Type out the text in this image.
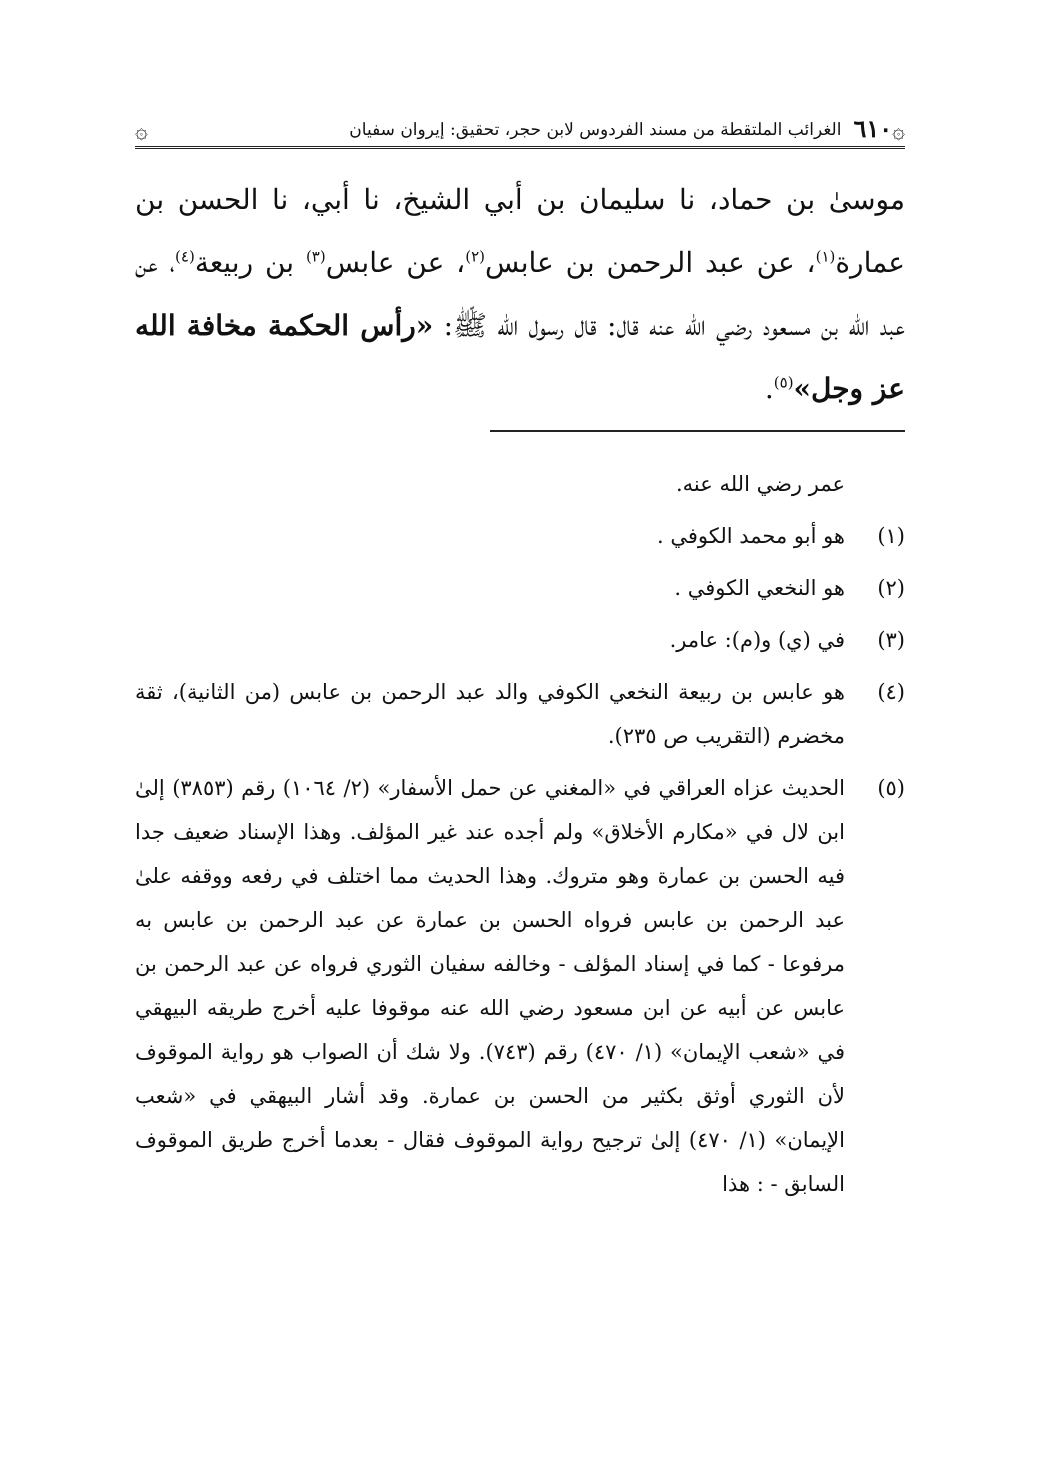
۞
٦١٠
الغرائب الملتقطة من مسند الفردوس لابن حجر، تحقيق: إيروان سفيان
۞
موسىٰ بن حماد، نا سليمان بن أبي الشيخ، نا أبي، نا الحسن بن عمارة$^{(١)}$، عن عبد الرحمن بن عابس$^{(٢)}$، عن عابس$^{(٣)}$ بن ربيعة$^{(٤)}$، عن عبد الله بن مسعود رضي الله عنه قال: قال رسول الله ﷺ: «رأس الحكمة مخافة الله عز وجل»$^{(٥)}$.
عمر رضي الله عنه.
(١)
هو أبو محمد الكوفي .
(٢)
هو النخعي الكوفي .
(٣)
في (ي) و(م): عامر.
(٤)
هو عابس بن ربيعة النخعي الكوفي والد عبد الرحمن بن عابس (من الثانية)، ثقة مخضرم (التقريب ص ٢٣٥).
(٥)
الحديث عزاه العراقي في «المغني عن حمل الأسفار» (٢/ ١٠٦٤) رقم (٣٨٥٣) إلىٰ ابن لال في «مكارم الأخلاق» ولم أجده عند غير المؤلف. وهذا الإسناد ضعيف جدا فيه الحسن بن عمارة وهو متروك. وهذا الحديث مما اختلف في رفعه ووقفه علىٰ عبد الرحمن بن عابس فرواه الحسن بن عمارة عن عبد الرحمن بن عابس به مرفوعا - كما في إسناد المؤلف - وخالفه سفيان الثوري فرواه عن عبد الرحمن بن عابس عن أبيه عن ابن مسعود رضي الله عنه موقوفا عليه أخرج طريقه البيهقي في «شعب الإيمان» (١/ ٤٧٠) رقم (٧٤٣). ولا شك أن الصواب هو رواية الموقوف لأن الثوري أوثق بكثير من الحسن بن عمارة. وقد أشار البيهقي في «شعب الإيمان» (١/ ٤٧٠) إلىٰ ترجيح رواية الموقوف فقال - بعدما أخرج طريق الموقوف السابق - : هذا
